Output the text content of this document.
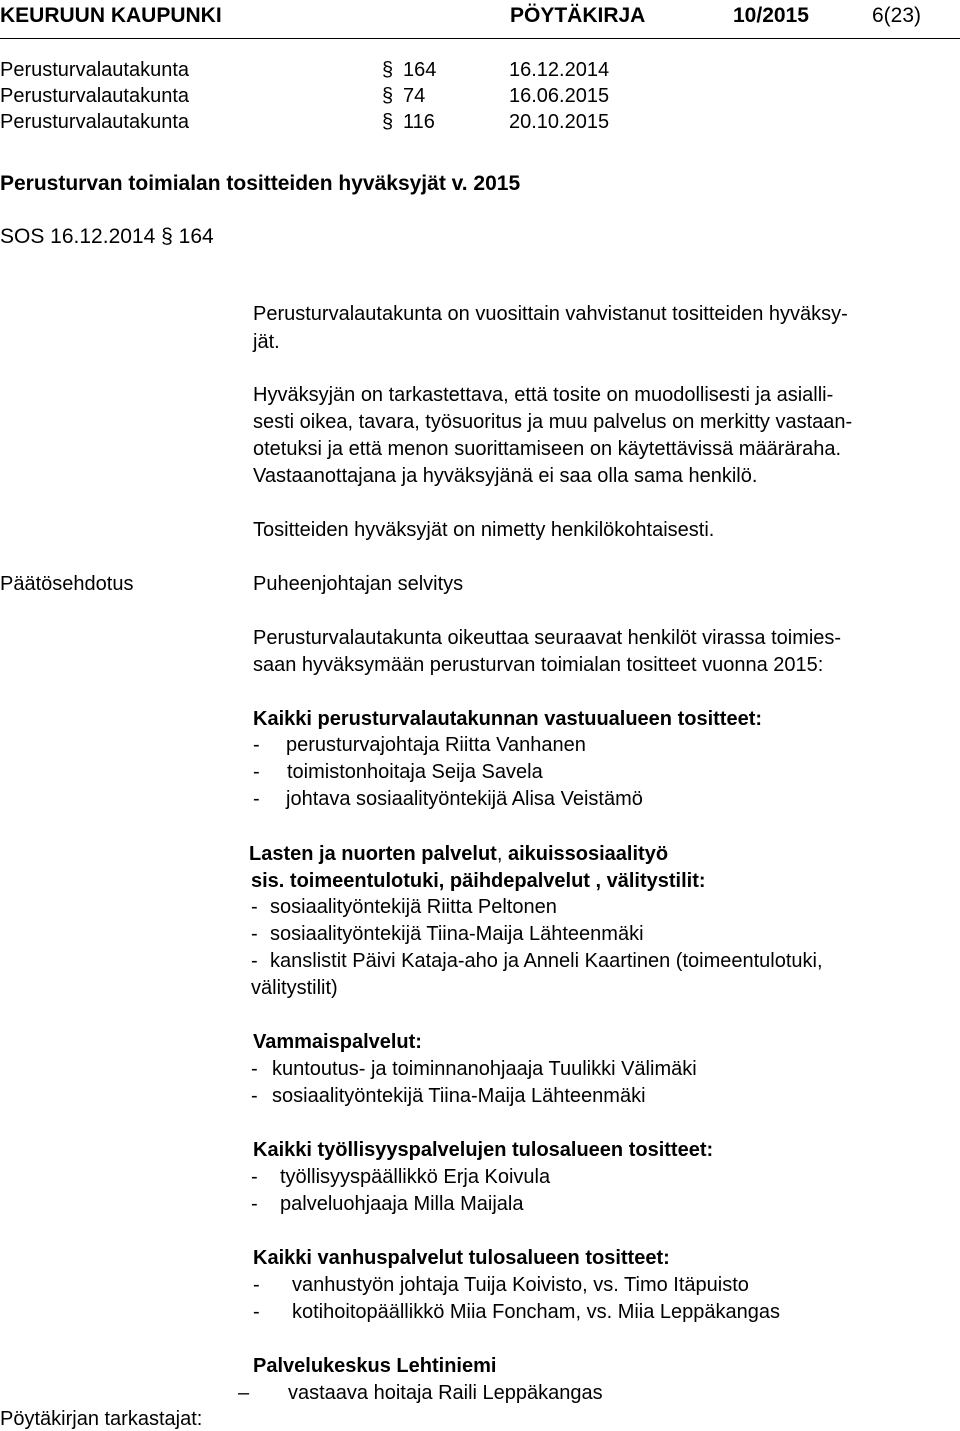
KEURUUN KAUPUNKI	PÖYTÄKIRJA	10/2015	6(23)
Perusturvalautakunta	§ 164	16.12.2014
Perusturvalautakunta	§ 74	16.06.2015
Perusturvalautakunta	§ 116	20.10.2015
Perusturvan toimialan tositteiden hyväksyjät v. 2015
SOS 16.12.2014 § 164
Perusturvalautakunta on vuosittain vahvistanut tositteiden hyväksy-
jät.
Hyväksyjän on tarkastettava, että tosite on muodollisesti ja asialli-
sesti oikea, tavara, työsuoritus ja muu palvelus on merkitty vastaan-
otetuksi ja että menon suorittamiseen on käytettävissä määräraha.
Vastaanottajana ja hyväksyjänä ei saa olla sama henkilö.
Tositteiden hyväksyjät on nimetty henkilökohtaisesti.
Päätösehdotus	Puheenjohtajan selvitys
Perusturvalautakunta oikeuttaa seuraavat henkilöt virassa toimies-
saan hyväksymään perusturvan toimialan tositteet vuonna 2015:
Kaikki perusturvalautakunnan vastuualueen tositteet:
- perusturvajohtaja Riitta Vanhanen
- toimistonhoitaja Seija Savela
- johtava sosiaalityöntekijä Alisa Veistämö
Lasten ja nuorten palvelut, aikuissosiaalityö
sis. toimeentulotuki, päihdepalvelut , välitystilit:
- sosiaalityöntekijä Riitta Peltonen
- sosiaalityöntekijä Tiina-Maija Lähteenmäki
- kanslistit Päivi Kataja-aho ja Anneli Kaartinen (toimeentulotuki,
välitystilit)
Vammaispalvelut:
- kuntoutus- ja toiminnanohjaaja Tuulikki Välimäki
- sosiaalityöntekijä Tiina-Maija Lähteenmäki
Kaikki työllisyyspalvelujen tulosalueen tositteet:
- työllisyyspäällikkö Erja Koivula
- palveluohjaaja Milla Maijala
Kaikki vanhuspalvelut tulosalueen tositteet:
- vanhustyön johtaja Tuija Koivisto, vs. Timo Itäpuisto
- kotihoitopäällikkö Miia Foncham, vs. Miia Leppäkangas
Palvelukeskus Lehtiniemi
– vastaava hoitaja Raili Leppäkangas
Pöytäkirjan tarkastajat:
